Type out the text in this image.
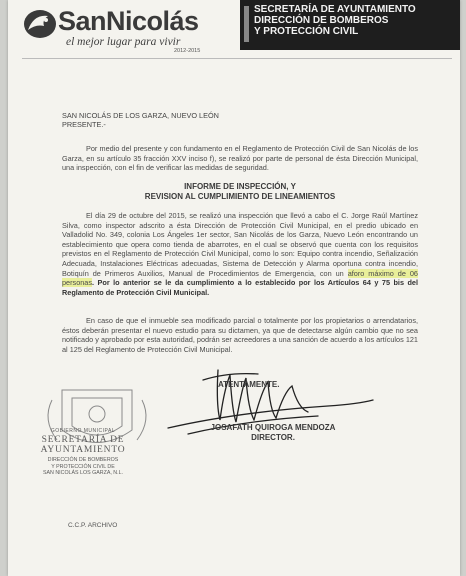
SanNicolás
el mejor lugar para vivir
2012-2015
SECRETARÍA DE AYUNTAMIENTO
DIRECCIÓN DE BOMBEROS
Y PROTECCIÓN CIVIL
SAN NICOLÁS DE LOS GARZA, NUEVO LEÓN
PRESENTE.-
Por medio del presente y con fundamento en el Reglamento de Protección Civil de San Nicolás de los Garza, en su artículo 35 fracción XXV inciso f), se realizó por parte de personal de ésta Dirección Municipal, una inspección, con el fin de verificar las medidas de seguridad.
INFORME DE INSPECCIÓN, Y
REVISION AL CUMPLIMIENTO DE LINEAMIENTOS
El día 29 de octubre del 2015, se realizó una inspección que llevó a cabo el C. Jorge Raúl Martínez Silva, como inspector adscrito a ésta Dirección de Protección Civil Municipal, en el predio ubicado en Valladolid No. 349, colonia Los Ángeles 1er sector, San Nicolás de los Garza, Nuevo León encontrando un establecimiento que opera como tienda de abarrotes, en el cual se observó que cuenta con los requisitos previstos en el Reglamento de Protección Civil Municipal, como lo son: Equipo contra incendio, Señalización Adecuada, Instalaciones Eléctricas adecuadas, Sistema de Detección y Alarma oportuna contra incendio, Botiquín de Primeros Auxilios, Manual de Procedimientos de Emergencia, con un aforo máximo de 06 personas. Por lo anterior se le da cumplimiento a lo establecido por los Artículos 64 y 75 bis del Reglamento de Protección Civil Municipal.
En caso de que el inmueble sea modificado parcial o totalmente por los propietarios o arrendatarios, éstos deberán presentar el nuevo estudio para su dictamen, ya que de detectarse algún cambio que no sea notificado y aprobado por esta autoridad, podrán ser acreedores a una sanción de acuerdo a los artículos 121 al 125 del Reglamento de Protección Civil Municipal.
GOBIERNO MUNICIPAL
SECRETARÍA DE AYUNTAMIENTO
DIRECCIÓN DE BOMBEROS
Y PROTECCIÓN CIVIL DE
SAN NICOLÁS LOS GARZA, N.L.
ATENTAMENTE.
JOSAFATH QUIROGA MENDOZA
DIRECTOR.
C.C.P. ARCHIVO
